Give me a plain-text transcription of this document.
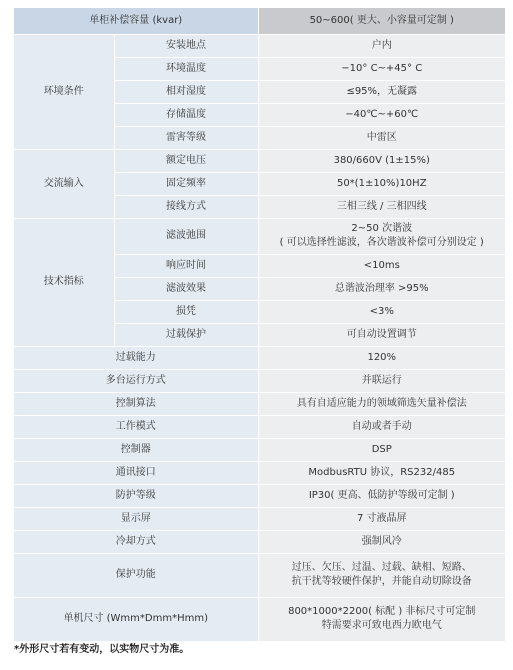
单柜补偿容量 (kvar)		50~600( 更大、小容量可定制 )
环境条件	安装地点	户内
	环境温度	−10° C~+45° C
	相对湿度	≤95%，无凝露
	存储温度	−40℃~+60℃
	雷害等级	中雷区
交流输入	额定电压	380/660V (1±15%)
	固定频率	50*(1±10%)10HZ
	接线方式	三相三线 / 三相四线
技术指标	滤波弛围	2~50 次谐波
( 可以选择性滤波，各次谐波补偿可分别设定 )

	响应时间	<10ms
	滤波效果	总谐波治理率 >95%
	损凭	<3%
	过载保护	可自动设置调节
过载能力		120%
多台运行方式		并联运行
控制算法		具有自适应能力的领域筛选矢量补偿法
工作模式		自动或者手动
控制器		DSP
通讯接口		ModbusRTU 协议，RS232/485
防护等级		IP30( 更高、低防护等级可定制 )
显示屏		7 寸液晶屏
冷却方式		强制风冷
保护功能		过压、欠压、过温、过载、缺相、短路、
抗干扰等较硬件保护，并能自动切除设备

单机尺寸 (Wmm*Dmm*Hmm)		800*1000*2200( 标配 ) 非标尺寸可定制
特需要求可致电西力欧电气
*外形尺寸若有变动，以实物尺寸为准。
